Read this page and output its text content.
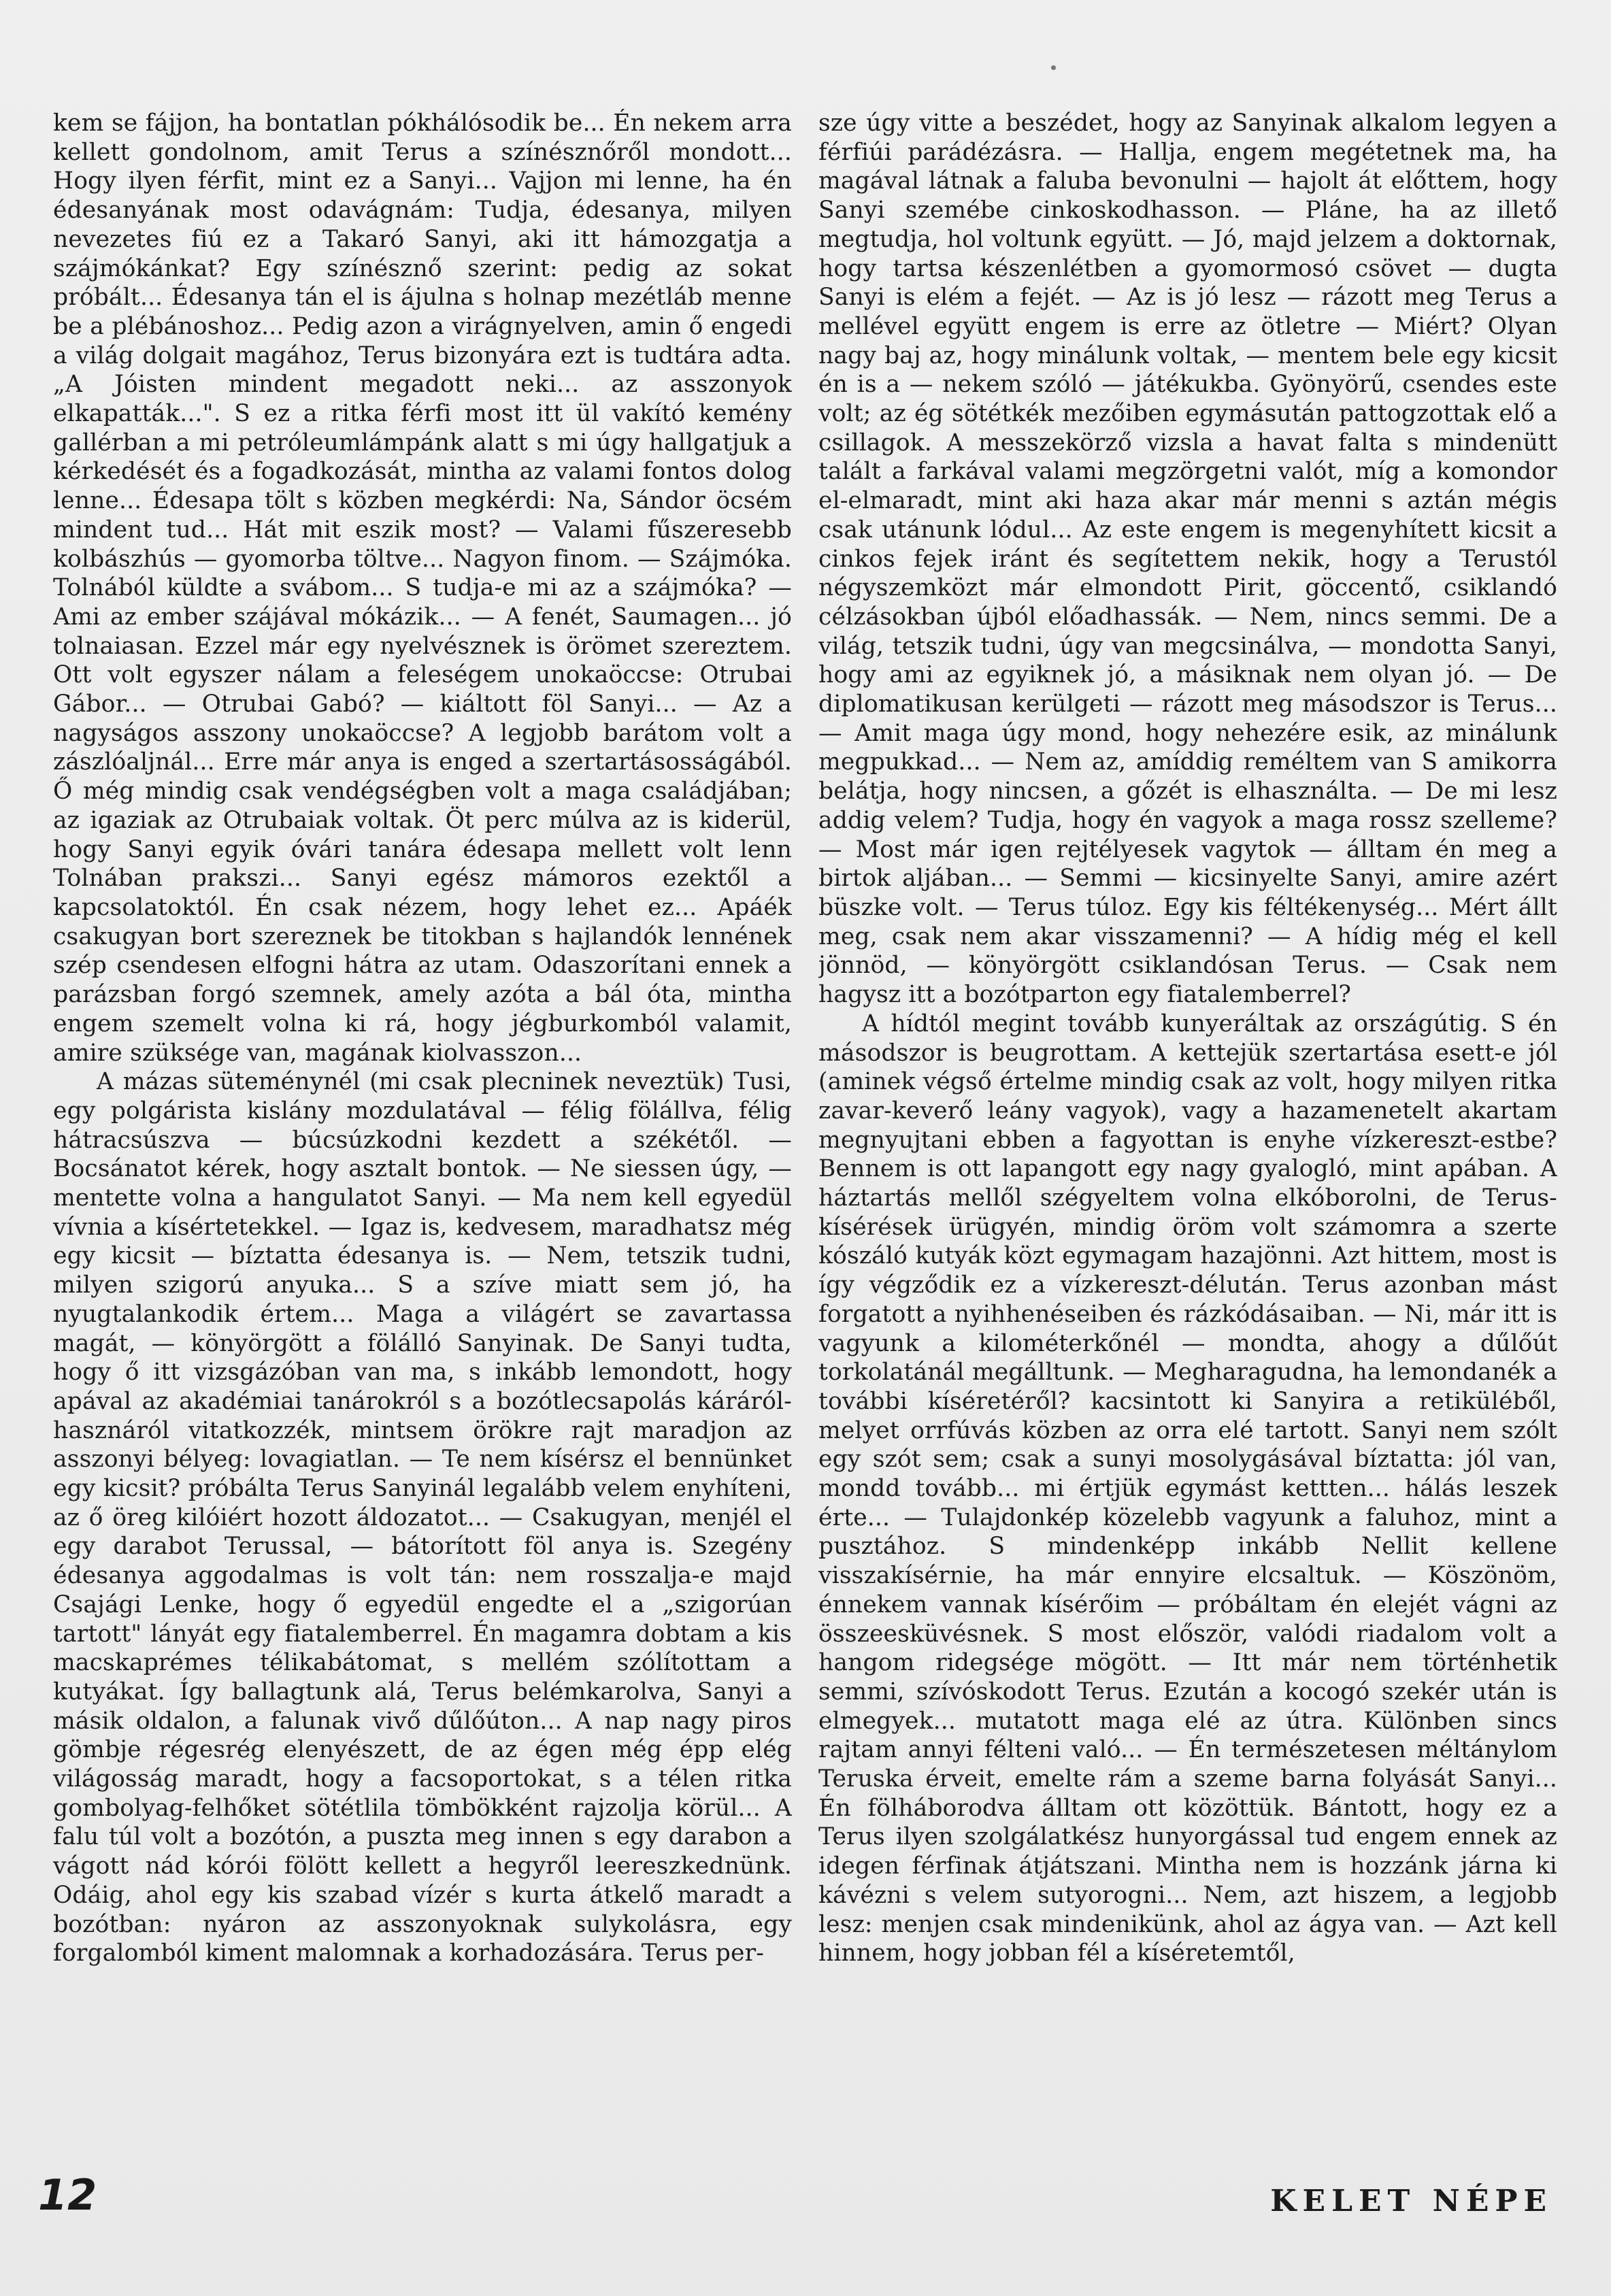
kem se fájjon, ha bontatlan pókhálósodik be... Én nekem arra kellett gondolnom, amit Terus a színésznőről mondott... Hogy ilyen férfit, mint ez a Sanyi... Vajjon mi lenne, ha én édesanyának most odavágnám: Tudja, édesanya, milyen nevezetes fiú ez a Takaró Sanyi, aki itt hámozgatja a szájmókánkat? Egy színésznő szerint: pedig az sokat próbált... Édesanya tán el is ájulna s holnap mezétláb menne be a plébánoshoz... Pedig azon a virágnyelven, amin ő engedi a világ dolgait magához, Terus bizonyára ezt is tudtára adta. „A Jóisten mindent megadott neki... az asszonyok elkapatták...". S ez a ritka férfi most itt ül vakító kemény gallérban a mi petróleumlámpánk alatt s mi úgy hallgatjuk a kérkedését és a fogadkozását, mintha az valami fontos dolog lenne... Édesapa tölt s közben megkérdi: Na, Sándor öcsém mindent tud... Hát mit eszik most? — Valami fűszeresebb kolbászhús — gyomorba töltve... Nagyon finom. — Szájmóka. Tolnából küldte a svábom... S tudja-e mi az a szájmóka? — Ami az ember szájával mókázik... — A fenét, Saumagen... jó tolnaiasan. Ezzel már egy nyelvésznek is örömet szereztem. Ott volt egyszer nálam a feleségem unokaöccse: Otrubai Gábor... — Otrubai Gabó? — kiáltott föl Sanyi... — Az a nagyságos asszony unokaöccse? A legjobb barátom volt a zászlóaljnál... Erre már anya is enged a szertartásosságából. Ő még mindig csak vendégségben volt a maga családjában; az igaziak az Otrubaiak voltak. Öt perc múlva az is kiderül, hogy Sanyi egyik óvári tanára édesapa mellett volt lenn Tolnában prakszi... Sanyi egész mámoros ezektől a kapcsolatoktól. Én csak nézem, hogy lehet ez... Apáék csakugyan bort szereznek be titokban s hajlandók lennének szép csendesen elfogni hátra az utam. Odaszorítani ennek a parázsban forgó szemnek, amely azóta a bál óta, mintha engem szemelt volna ki rá, hogy jégburkomból valamit, amire szüksége van, magának kiolvasszon...

A mázas süteménynél (mi csak plecninek neveztük) Tusi, egy polgárista kislány mozdulatával — félig fölállva, félig hátracsúszva — búcsúzkodni kezdett a székétől. — Bocsánatot kérek, hogy asztalt bontok. — Ne siessen úgy, — mentette volna a hangulatot Sanyi. — Ma nem kell egyedül vívnia a kísértetekkel. — Igaz is, kedvesem, maradhatsz még egy kicsit — bíztatta édesanya is. — Nem, tetszik tudni, milyen szigorú anyuka... S a szíve miatt sem jó, ha nyugtalankodik értem... Maga a világért se zavartassa magát, — könyörgött a fölálló Sanyinak. De Sanyi tudta, hogy ő itt vizsgázóban van ma, s inkább lemondott, hogy apával az akadémiai tanárokról s a bozótlecsapolás káráról-hasznáról vitatkozzék, mintsem örökre rajt maradjon az asszonyi bélyeg: lovagiatlan. — Te nem kísérsz el bennünket egy kicsit? próbálta Terus Sanyinál legalább velem enyhíteni, az ő öreg kilóiért hozott áldozatot... — Csakugyan, menjél el egy darabot Terussal, — bátorított föl anya is. Szegény édesanya aggodalmas is volt tán: nem rosszalja-e majd Csajági Lenke, hogy ő egyedül engedte el a „szigorúan tartott" lányát egy fiatalemberrel. Én magamra dobtam a kis macskaprémes télikabátomat, s mellém szólítottam a kutyákat. Így ballagtunk alá, Terus belémkarolva, Sanyi a másik oldalon, a falunak vivő dűlőúton... A nap nagy piros gömbje régesrég elenyészett, de az égen még épp elég világosság maradt, hogy a facsoportokat, s a télen ritka gombolyag-felhőket sötétlila tömbökként rajzolja körül... A falu túl volt a bozótón, a puszta meg innen s egy darabon a vágott nád kórói fölött kellett a hegyről leereszkednünk. Odáig, ahol egy kis szabad vízér s kurta átkelő maradt a bozótban: nyáron az asszonyoknak sulykolásra, egy forgalomból kiment malomnak a korhadozására. Terus per-

sze úgy vitte a beszédet, hogy az Sanyinak alkalom legyen a férfiúi parádézásra. — Hallja, engem megétetnek ma, ha magával látnak a faluba bevonulni — hajolt át előttem, hogy Sanyi szemébe cinkoskodhasson. — Pláne, ha az illető megtudja, hol voltunk együtt. — Jó, majd jelzem a doktornak, hogy tartsa készenlétben a gyomormosó csövet — dugta Sanyi is elém a fejét. — Az is jó lesz — rázott meg Terus a mellével együtt engem is erre az ötletre — Miért? Olyan nagy baj az, hogy minálunk voltak, — mentem bele egy kicsit én is a — nekem szóló — játékukba. Gyönyörű, csendes este volt; az ég sötétkék mezőiben egymásután pattogzottak elő a csillagok. A messzekörző vizsla a havat falta s mindenütt talált a farkával valami megzörgetni valót, míg a komondor el-elmaradt, mint aki haza akar már menni s aztán mégis csak utánunk lódul... Az este engem is megenyhített kicsit a cinkos fejek iránt és segítettem nekik, hogy a Terustól négyszemközt már elmondott Pirit, göccentő, csiklandó célzásokban újból előadhassák. — Nem, nincs semmi. De a világ, tetszik tudni, úgy van megcsinálva, — mondotta Sanyi, hogy ami az egyiknek jó, a másiknak nem olyan jó. — De diplomatikusan kerülgeti — rázott meg másodszor is Terus... — Amit maga úgy mond, hogy nehezére esik, az minálunk megpukkad... — Nem az, amíddig reméltem van S amikorra belátja, hogy nincsen, a gőzét is elhasználta. — De mi lesz addig velem? Tudja, hogy én vagyok a maga rossz szelleme? — Most már igen rejtélyesek vagytok — álltam én meg a birtok aljában... — Semmi — kicsinyelte Sanyi, amire azért büszke volt. — Terus túloz. Egy kis féltékenység... Mért állt meg, csak nem akar visszamenni? — A hídig még el kell jönnöd, — könyörgött csiklandósan Terus. — Csak nem hagysz itt a bozótparton egy fiatalemberrel?

A hídtól megint tovább kunyeráltak az országútig. S én másodszor is beugrottam. A kettejük szertartása esett-e jól (aminek végső értelme mindig csak az volt, hogy milyen ritka zavar-keverő leány vagyok), vagy a hazamenetelt akartam megnyujtani ebben a fagyottan is enyhe vízkereszt-estbe? Bennem is ott lapangott egy nagy gyalogló, mint apában. A háztartás mellől szégyeltem volna elkóborolni, de Terus-kísérések ürügyén, mindig öröm volt számomra a szerte kószáló kutyák közt egymagam hazajönni. Azt hittem, most is így végződik ez a vízkereszt-délután. Terus azonban mást forgatott a nyihhenéseiben és rázkódásaiban. — Ni, már itt is vagyunk a kilométerkőnél — mondta, ahogy a dűlőút torkolatánál megálltunk. — Megharagudna, ha lemondanék a további kíséretéről? kacsintott ki Sanyira a retiküléből, melyet orrfúvás közben az orra elé tartott. Sanyi nem szólt egy szót sem; csak a sunyi mosolygásával bíztatta: jól van, mondd tovább... mi értjük egymást kettten... hálás leszek érte... — Tulajdonkép közelebb vagyunk a faluhoz, mint a pusztához. S mindenképp inkább Nellit kellene visszakísérnie, ha már ennyire elcsaltuk. — Köszönöm, énnekem vannak kísérőim — próbáltam én elejét vágni az összeesküvésnek. S most először, valódi riadalom volt a hangom ridegsége mögött. — Itt már nem történhetik semmi, szívóskodott Terus. Ezután a kocogó szekér után is elmegyek... mutatott maga elé az útra. Különben sincs rajtam annyi félteni való... — Én természetesen méltánylom Teruska érveit, emelte rám a szeme barna folyását Sanyi... Én fölháborodva álltam ott közöttük. Bántott, hogy ez a Terus ilyen szolgálatkész hunyorgással tud engem ennek az idegen férfinak átjátszani. Mintha nem is hozzánk járna ki kávézni s velem sutyorogni... Nem, azt hiszem, a legjobb lesz: menjen csak mindenikünk, ahol az ágya van. — Azt kell hinnem, hogy jobban fél a kíséretemtől,

12	KELET NÉPE
